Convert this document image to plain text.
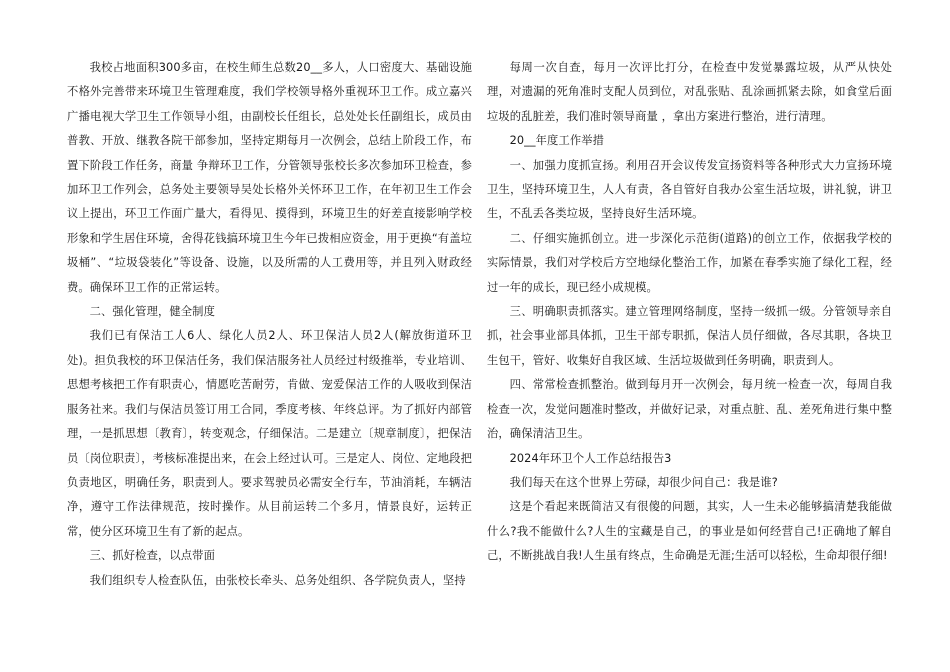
我校占地面积300多亩，在校生师生总数20__多人，人口密度大、基础设施不格外完善带来环境卫生管理难度，我们学校领导格外重视环卫工作。成立嘉兴广播电视大学卫生工作领导小组，由副校长任组长，总处处长任副组长，成员由普教、开放、继教各院干部参加，坚持定期每月一次例会，总结上阶段工作，布置下阶段工作任务，商量 争辩环卫工作，分管领导张校长多次参加环卫检查，参加环卫工作列会，总务处主要领导吴处长格外关怀环卫工作，在年初卫生工作会议上提出，环卫工作面广量大，看得见、摸得到，环境卫生的好差直接影响学校形象和学生居住环境，舍得花钱搞环境卫生今年已拨相应资金，用于更换“有盖垃圾桶”、“垃圾袋装化”等设备、设施，以及所需的人工费用等，并且列入财政经费。确保环卫工作的正常运转。

二、强化管理，健全制度

我们已有保洁工人6人、绿化人员2人、环卫保洁人员2人(解放街道环卫处)。担负我校的环卫保洁任务，我们保洁服务社人员经过村级推举，专业培训、思想考核把工作有职责心，情愿吃苦耐劳，肯做、宠爱保洁工作的人吸收到保洁服务社来。我们与保洁员签订用工合同，季度考核、年终总评。为了抓好内部管理，一是抓思想〔教育〕，转变观念，仔细保洁。二是建立〔规章制度〕，把保洁员〔岗位职责〕，考核标准提出来，在会上经过认可。三是定人、岗位、定地段把负责地区，明确任务，职责到人。要求驾驶员必需安全行车，节油消耗，车辆洁净，遵守工作法律规范，按时操作。从目前运转二个多月，情景良好，运转正常，使分区环境卫生有了新的起点。

三、抓好检查，以点带面

我们组织专人检查队伍，由张校长牵头、总务处组织、各学院负责人，坚持

每周一次自查，每月一次评比打分，在检查中发觉暴露垃圾，从严从快处理，对遗漏的死角准时支配人员到位，对乱张贴、乱涂画抓紧去除，如食堂后面垃圾的乱脏差，我们准时领导商量 ，拿出方案进行整治，进行清理。

20__年度工作举措

一、加强力度抓宣扬。利用召开会议传发宣扬资料等各种形式大力宣扬环境卫生，坚持环境卫生，人人有责，各自管好自我办公室生活垃圾，讲礼貌，讲卫生，不乱丢各类垃圾，坚持良好生活环境。

二、仔细实施抓创立。进一步深化示范街(道路)的创立工作，依据我学校的实际情景，我们对学校后方空地绿化整治工作，加紧在春季实施了绿化工程，经过一年的成长，现已经小成规模。

三、明确职责抓落实。建立管理网络制度，坚持一级抓一级。分管领导亲自抓，社会事业部具体抓，卫生干部专职抓，保洁人员仔细做，各尽其职，各块卫生包干，管好、收集好自我区域、生活垃圾做到任务明确，职责到人。

四、常常检查抓整治。做到每月开一次例会，每月统一检查一次，每周自我检查一次，发觉问题准时整改，并做好记录，对重点脏、乱、差死角进行集中整治，确保清洁卫生。

2024年环卫个人工作总结报告3

我们每天在这个世界上劳碌，却很少问自己：我是谁?

这是个看起来既简洁又有很傻的问题，其实，人一生未必能够搞清楚我能做什么?我不能做什么?人生的宝藏是自己，的事业是如何经营自己!正确地了解自己，不断挑战自我!人生虽有终点，生命确是无涯;生活可以轻松，生命却很仔细!
